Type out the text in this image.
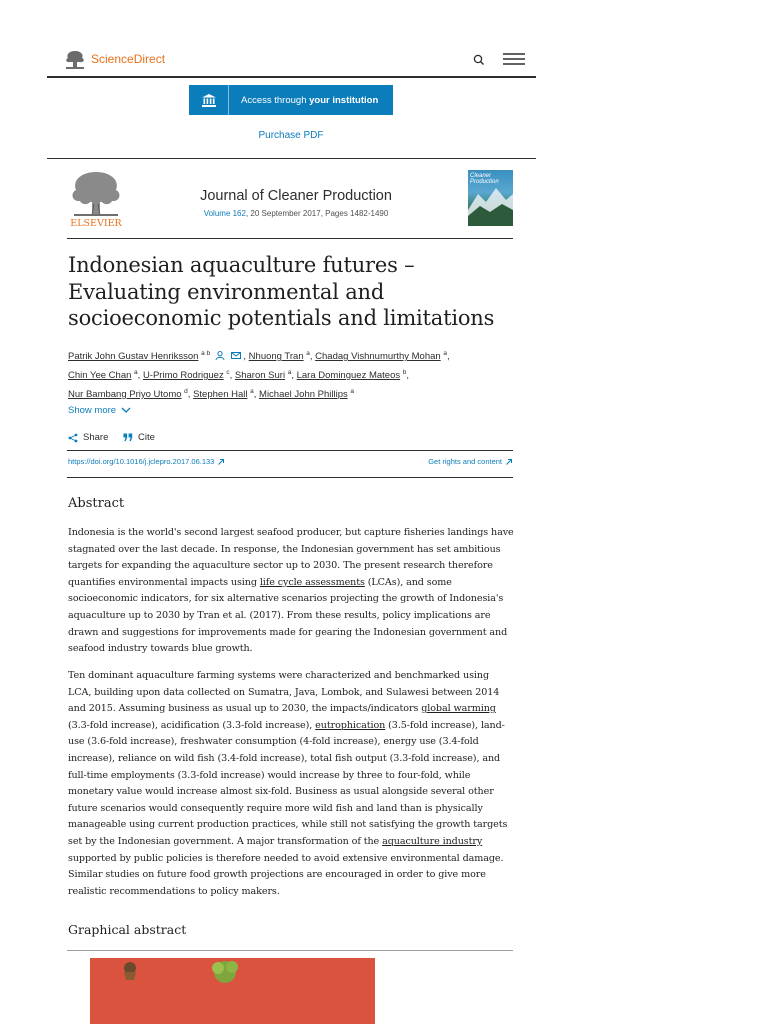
ScienceDirect
Access through your institution
Purchase PDF
ELSEVIER
Journal of Cleaner Production
Volume 162, 20 September 2017, Pages 1482-1490
Cleaner Production
Indonesian aquaculture futures – Evaluating environmental and socioeconomic potentials and limitations
Patrik John Gustav Henriksson $^{a b}$	, Nhuong Tran $^a$, Chadag Vishnumurthy Mohan $^a$,
Chin Yee Chan $^a$, U-Primo Rodriguez $^c$, Sharon Suri $^a$, Lara Dominguez Mateos $^b$,
Nur Bambang Priyo Utomo $^d$, Stephen Hall $^a$, Michael John Phillips $^a$
Show more
Share	Cite
https://doi.org/10.1016/j.jclepro.2017.06.133	Get rights and content
Abstract

Indonesia is the world's second largest seafood producer, but capture fisheries landings have stagnated over the last decade. In response, the Indonesian government has set ambitious targets for expanding the aquaculture sector up to 2030. The present research therefore quantifies environmental impacts using life cycle assessments (LCAs), and some socioeconomic indicators, for six alternative scenarios projecting the growth of Indonesia's aquaculture up to 2030 by Tran et al. (2017). From these results, policy implications are drawn and suggestions for improvements made for gearing the Indonesian government and seafood industry towards blue growth.

Ten dominant aquaculture farming systems were characterized and benchmarked using LCA, building upon data collected on Sumatra, Java, Lombok, and Sulawesi between 2014 and 2015. Assuming business as usual up to 2030, the impacts/indicators global warming (3.3-fold increase), acidification (3.3-fold increase), eutrophication (3.5-fold increase), land-use (3.6-fold increase), freshwater consumption (4-fold increase), energy use (3.4-fold increase), reliance on wild fish (3.4-fold increase), total fish output (3.3-fold increase), and full-time employments (3.3-fold increase) would increase by three to four-fold, while monetary value would increase almost six-fold. Business as usual alongside several other future scenarios would consequently require more wild fish and land than is physically manageable using current production practices, while still not satisfying the growth targets set by the Indonesian government. A major transformation of the aquaculture industry supported by public policies is therefore needed to avoid extensive environmental damage. Similar studies on future food growth projections are encouraged in order to give more realistic recommendations to policy makers.

Graphical abstract
